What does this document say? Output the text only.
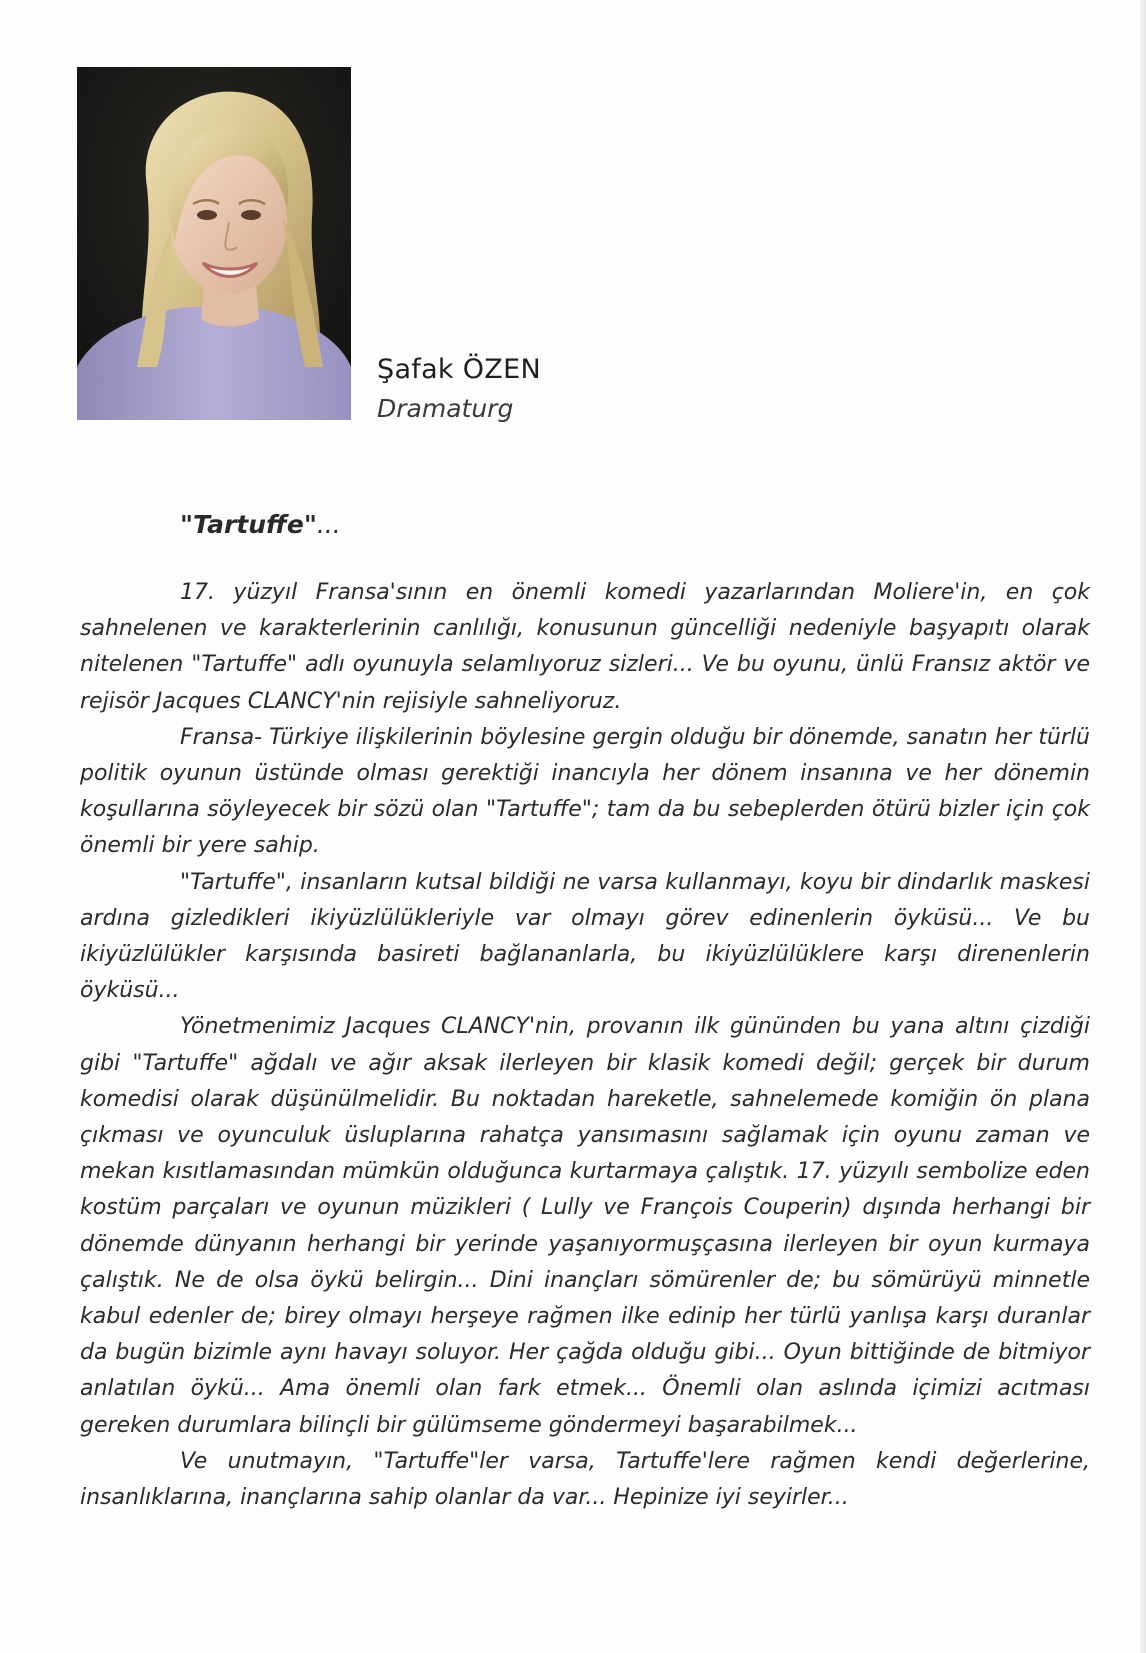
Şafak ÖZEN
Dramaturg
"Tartuffe"...

17. yüzyıl Fransa'sının en önemli komedi yazarlarından Moliere'in, en çok sahnelenen ve karakterlerinin canlılığı, konusunun güncelliği nedeniyle başyapıtı olarak nitelenen "Tartuffe" adlı oyunuyla selamlıyoruz sizleri... Ve bu oyunu, ünlü Fransız aktör ve rejisör Jacques CLANCY'nin rejisiyle sahneliyoruz.

Fransa- Türkiye ilişkilerinin böylesine gergin olduğu bir dönemde, sanatın her türlü politik oyunun üstünde olması gerektiği inancıyla her dönem insanına ve her dönemin koşullarına söyleyecek bir sözü olan "Tartuffe"; tam da bu sebeplerden ötürü bizler için çok önemli bir yere sahip.

"Tartuffe", insanların kutsal bildiği ne varsa kullanmayı, koyu bir dindarlık maskesi ardına gizledikleri ikiyüzlülükleriyle var olmayı görev edinenlerin öyküsü... Ve bu ikiyüzlülükler karşısında basireti bağlananlarla, bu ikiyüzlülüklere karşı direnenlerin öyküsü...

Yönetmenimiz Jacques CLANCY'nin, provanın ilk gününden bu yana altını çizdiği gibi "Tartuffe" ağdalı ve ağır aksak ilerleyen bir klasik komedi değil; gerçek bir durum komedisi olarak düşünülmelidir. Bu noktadan hareketle, sahnelemede komiğin ön plana çıkması ve oyunculuk üsluplarına rahatça yansımasını sağlamak için oyunu zaman ve mekan kısıtlamasından mümkün olduğunca kurtarmaya çalıştık. 17. yüzyılı sembolize eden kostüm parçaları ve oyunun müzikleri ( Lully ve François Couperin) dışında herhangi bir dönemde dünyanın herhangi bir yerinde yaşanıyormuşçasına ilerleyen bir oyun kurmaya çalıştık. Ne de olsa öykü belirgin... Dini inançları sömürenler de; bu sömürüyü minnetle kabul edenler de; birey olmayı herşeye rağmen ilke edinip her türlü yanlışa karşı duranlar da bugün bizimle aynı havayı soluyor. Her çağda olduğu gibi... Oyun bittiğinde de bitmiyor anlatılan öykü... Ama önemli olan fark etmek... Önemli olan aslında içimizi acıtması gereken durumlara bilinçli bir gülümseme göndermeyi başarabilmek...

Ve unutmayın, "Tartuffe"ler varsa, Tartuffe'lere rağmen kendi değerlerine, insanlıklarına, inançlarına sahip olanlar da var... Hepinize iyi seyirler...
